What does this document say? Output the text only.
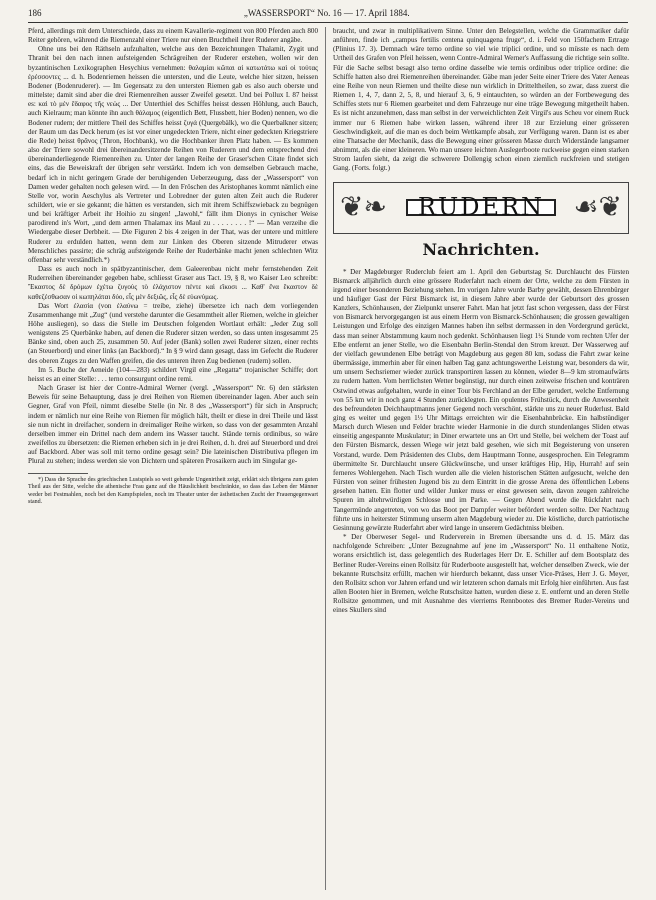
186	„WASSERSPORT“ No. 16 — 17. April 1884.

Pferd, allerdings mit dem Unterschiede, dass zu einem Kavallerie-regiment von 800 Pferden auch 800 Reiter gehören, während die Riemenzahl einer Triere nur einen Bruchtheil ihrer Ruderer angäbe.

Ohne uns bei den Räthseln aufzuhalten, welche aus den Bezeichnungen Thalamit, Zygit und Thranit bei den nach innen aufsteigenden Schrägreihen der Ruderer erstehen, wollen wir den byzantinischen Lexikographen Hesychius vernehmen: θαλαμίαι κῶπαι αἱ κατωτάτω καὶ οἱ τούτας ἐρέσσοντες ... d. h. Bodenriemen heissen die untersten, und die Leute, welche hier sitzen, heissen Bodener (Bodenruderer). — Im Gegensatz zu den untersten Riemen gab es also auch oberste und mittelste; damit sind aber die drei Riemenreihen ausser Zweifel gesetzt. Und bei Pollux I. 87 heisst es: καὶ τὸ μὲν ἔδαφος τῆς νεὼς ... Der Unterthiel des Schiffes heisst dessen Höhlung, auch Bauch, auch Kielraum; man könnte ihn auch θάλαμος (eigentlich Bett, Flussbett, hier Boden) nennen, wo die Bodener rudern; der mittlere Theil des Schiffes heisst ζυγά (Quergebälk), wo die Querbalkner sitzen; der Raum um das Deck herum (es ist vor einer ungedeckten Triere, nicht einer gedeckten Kriegstriere die Rede) heisst θρᾶνος (Thron, Hochbank), wo die Hochbanker ihren Platz haben. — Es kommen also der Triere sowohl drei übereinandersitzende Reihen von Ruderern und dem entsprechend drei übereinanderliegende Riemenreihen zu. Unter der langen Reihe der Graser'schen Citate findet sich eins, das die Beweiskraft der übrigen sehr verstärkt. Indem ich von demselben Gebrauch mache, bedarf ich in nicht geringem Grade der beruhigenden Ueberzeugung, dass der „Wassersport“ von Damen weder gehalten noch gelesen wird. — In den Fröschen des Aristophanes kommt nämlich eine Stelle vor, worin Aeschylus als Vertreter und Lobredner der guten alten Zeit auch die Ruderer schildert, wie er sie gekannt; die hätten es verstanden, sich mit ihrem Schiffszwieback zu begnügen und bei kräftiger Arbeit ihr Hoihio zu singen! „Jawohl,“ fällt ihm Dionys in cynischer Weise parodirend in's Wort, „und dem armen Thalamax ins Maul zu . . . . . . . . !“ — Man verzeihe die Wiedergabe dieser Derbheit. — Die Figuren 2 bis 4 zeigen in der That, was der untere und mittlere Ruderer zu erdulden hatten, wenn dem zur Linken des Oberen sitzende Mitruderer etwas Menschliches passirte; die schräg aufsteigende Reihe der Ruderbänke macht jenen schlechten Witz offenbar sehr verständlich.*)

Dass es auch noch in spätbyzantinischer, dem Galeerenbau nicht mehr fernstehenden Zeit Ruderreihen übereinander gegeben habe, schliesst Graser aus Tact. 19, § 8, wo Kaiser Leo schreibt: Ἕκαστος δὲ δρόμων ἐχέτω ζυγοὺς τὸ ἐλάχιστον πέντε καὶ εἴκοσι ... Καθ' ἕνα ἕκαστον δὲ καθεζέσθωσαν οἱ κωπηλάται δύο, εἷς μὲν δεξιῶς, εἷς δὲ εὐωνύμως.

Das Wort ἐλασία (von ἐλαύνω = treibe, ziehe) übersetze ich nach dem vorliegenden Zusammenhange mit „Zug“ (und verstehe darunter die Gesammtheit aller Riemen, welche in gleicher Höhe ausliegen), so dass die Stelle im Deutschen folgenden Wortlaut erhält: „Jeder Zug soll wenigstens 25 Querbänke haben, auf denen die Ruderer sitzen werden, so dass unten insgesammt 25 Bänke sind, oben auch 25, zusammen 50. Auf jeder (Bank) sollen zwei Ruderer sitzen, einer rechts (an Steuerbord) und einer links (an Backbord).“ In § 9 wird dann gesagt, dass im Gefecht die Ruderer des oberen Zuges zu den Waffen greifen, die des unteren ihren Zug bedienen (rudern) sollen.

Im 5. Buche der Aeneide (104—283) schildert Virgil eine „Regatta“ trojanischer Schiffe; dort heisst es an einer Stelle: . . . terno consurgunt ordine remi.

Nach Graser ist hier der Contre-Admiral Werner (vergl. „Wassersport“ Nr. 6) den stärksten Beweis für seine Behauptung, dass je drei Reihen von Riemen übereinander lagen. Aber auch sein Gegner, Graf von Pfeil, nimmt dieselbe Stelle (in Nr. 8 des „Wassersport“) für sich in Anspruch; indem er nämlich nur eine Reihe von Riemen für möglich hält, theilt er diese in drei Theile und lässt sie nun nicht in dreifacher, sondern in dreimaliger Reihe wirken, so dass von der gesammten Anzahl derselben immer ein Drittel nach dem andern ins Wasser taucht. Stände ternis ordinibus, so wäre zweifellos zu übersetzen: die Riemen erheben sich in je drei Reihen, d. h. drei auf Steuerbord und drei auf Backbord. Aber was soll mit terno ordine gesagt sein? Die lateinischen Distributiva pflegen im Plural zu stehen; indess werden sie von Dichtern und späteren Prosaikern auch im Singular ge-

*) Dass die Sprache des griechischen Lustspiels so weit gehende Ungenirtheit zeigt, erklärt sich übrigens zum guten Theil aus der Sitte, welche die athenische Frau ganz auf die Häuslichkeit beschränkte, so dass das Leben der Männer weder bei Festmahlen, noch bei den Kampfspielen, noch im Theater unter der ästhetischen Zucht der Frauengegenwart stand.

braucht, und zwar in multiplikativem Sinne. Unter den Belegstellen, welche die Grammatiker dafür anführen, finde ich „campus fertilis centena quinquagena fruge“, d. i. Feld von 150fachem Ertrage (Plinius 17. 3). Demnach wäre terno ordine so viel wie triplici ordine, und so müsste es nach dem Urtheil des Grafen von Pfeil heissen, wenn Contre-Admiral Werner's Auffassung die richtige sein sollte. Für die Sache selbst besagt also terno ordine dasselbe wie ternis ordinibus oder triplice ordine: die Schiffe hatten also drei Riemenreihen übereinander. Gäbe man jeder Seite einer Triere des Vater Aeneas eine Reihe von neun Riemen und theilte diese nun wirklich in Dritteltheilen, so zwar, dass zuerst die Riemen 1, 4, 7, dann 2, 5, 8, und hierauf 3, 6, 9 eintauchten, so würden an der Fortbewegung des Schiffes stets nur 6 Riemen gearbeitet und dem Fahrzeuge nur eine träge Bewegung mitgetheilt haben. Es ist nicht anzunehmen, dass man selbst in der verweichlichten Zeit Virgil's aus Scheu vor einem Ruck immer nur 6 Riemen habe wirken lassen, während ihrer 18 zur Erzielung einer grösseren Geschwindigkeit, auf die man es doch beim Wettkampfe absah, zur Verfügung waren. Dann ist es aber eine Thatsache der Mechanik, dass die Bewegung einer grösseren Masse durch Widerstände langsamer abnimmt, als die einer kleineren. Wo man unsere leichten Auslegerboote ruckweise gegen einen starken Strom laufen sieht, da zeigt die schwerere Dollengig schon einen ziemlich ruckfreien und stetigen Gang. (Forts. folgt.)

❦❧	RUDERN	☙❦
Nachrichten.

* Der Magdeburger Ruderclub feiert am 1. April den Geburtstag Sr. Durchlaucht des Fürsten Bismarck alljährlich durch eine grössere Ruderfahrt nach einem der Orte, welche zu dem Fürsten in irgend einer besonderen Beziehung stehen. Im vorigen Jahre wurde Barby gewählt, dessen Ehrenbürger und häufiger Gast der Fürst Bismarck ist, in diesem Jahre aber wurde der Geburtsort des grossen Kanzlers, Schönhausen, der Zielpunkt unserer Fahrt. Man hat jetzt fast schon vergessen, dass der Fürst von Bismarck hervorgegangen ist aus einem Herrn von Bismarck-Schönhausen; die grossen gewaltigen Leistungen und Erfolge des einzigen Mannes haben ihn selbst dermassen in den Vordergrund gerückt, dass man seiner Abstammung kaum noch gedenkt. Schönhausen liegt 1¼ Stunde vom rechten Ufer der Elbe entfernt an jener Stelle, wo die Eisenbahn Berlin-Stendal den Strom kreuzt. Der Wasserweg auf der vielfach gewundenen Elbe beträgt von Magdeburg aus gegen 80 km, sodass die Fahrt zwar keine übermässige, immerhin aber für einen halben Tag ganz achtungswerthe Leistung war, besonders da wir, um unsern Sechsriemer wieder zurück transportiren lassen zu können, wieder 8—9 km stromaufwärts zu rudern hatten. Vom herrlichsten Wetter begünstigt, nur durch einen zeitweise frischen und konträren Ostwind etwas aufgehalten, wurde in einer Tour bis Ferchland an der Elbe gerudert, welche Entfernung von 55 km wir in noch ganz 4 Stunden zurücklegten. Ein opulentes Frühstück, durch die Anwesenheit des befreundeten Deichhauptmanns jener Gegend noch verschönt, stärkte uns zu neuer Ruderlust. Bald ging es weiter und gegen 1½ Uhr Mittags erreichten wir die Eisenbahnbrücke. Ein halbstündiger Marsch durch Wiesen und Felder brachte wieder Harmonie in die durch stundenlanges Sliden etwas einseitig angespannte Muskulatur; in Diner erwartete uns an Ort und Stelle, bei welchem der Toast auf den Fürsten Bismarck, dessen Wiege wir jetzt bald gesehen, wie sich mit Begeisterung von unseren Vorstand, wurde. Dem Präsidenten des Clubs, dem Hauptmann Tonne, ausgesprochen. Ein Telegramm übermittelte Sr. Durchlaucht unsere Glückwünsche, und unser kräftiges Hip, Hip, Hurrah! auf sein ferneres Wohlergehen. Nach Tisch wurden alle die vielen historischen Stätten aufgesucht, welche den Fürsten von seiner frühesten Jugend bis zu dem Eintritt in die grosse Arena des öffentlichen Lebens gesehen hatten. Ein flotter und wilder Junker muss er einst gewesen sein, davon zeugen zahlreiche Spuren im altehrwürdigen Schlosse und im Parke. — Gegen Abend wurde die Rückfahrt nach Tangermünde angetreten, von wo das Boot per Dampfer weiter befördert werden sollte. Der Nachtzug führte uns in heiterster Stimmung unserm alten Magdeburg wieder zu. Die köstliche, durch patriotische Gesinnung gewürzte Ruderfahrt aber wird lange in unserem Gedächtniss bleiben.

* Der Oberweser Segel- und Ruderverein in Bremen übersandte uns d. d. 15. März das nachfolgende Schreiben: „Unter Bezugnahme auf jene im „Wassersport“ No. 11 enthaltene Notiz, worans ersichtlich ist, dass gelegentlich des Ruderlages Herr Dr. E. Schiller auf dem Bootsplatz des Berliner Ruder-Vereins einen Rollsitz für Ruderboote ausgestellt hat, welcher denselben Zweck, wie der bekannte Rutschsitz erfüllt, machen wir hierdurch bekannt, dass unser Vice-Präses, Herr J. G. Meyer, den Rollsitz schon vor Jahren erfand und wir letzteren schon damals mit Erfolg hier einführten. Aus fast allen Booten hier in Bremen, welche Rutschsitze hatten, wurden diese z. E. entfernt und an deren Stelle Rollsitze genommen, und mit Ausnahme des vierriems Rennbootes des Bremer Ruder-Vereins und eines Skullers sind
